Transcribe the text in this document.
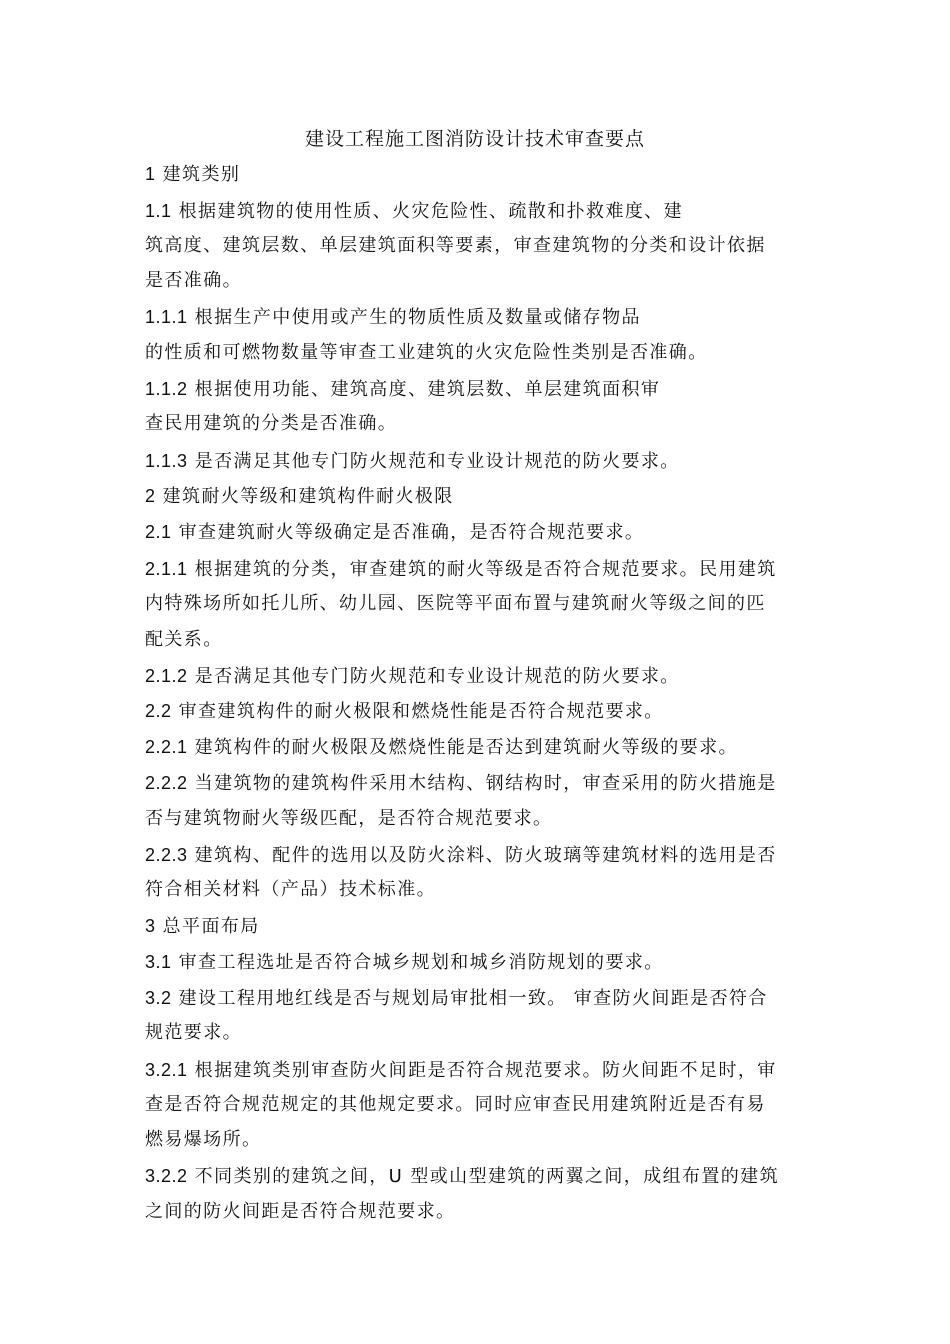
建设工程施工图消防设计技术审查要点
1 建筑类别
1.1 根据建筑物的使用性质、火灾危险性、疏散和扑救难度、建
筑高度、建筑层数、单层建筑面积等要素，审查建筑物的分类和设计依据
是否准确。
1.1.1 根据生产中使用或产生的物质性质及数量或储存物品
的性质和可燃物数量等审查工业建筑的火灾危险性类别是否准确。
1.1.2 根据使用功能、建筑高度、建筑层数、单层建筑面积审
查民用建筑的分类是否准确。
1.1.3 是否满足其他专门防火规范和专业设计规范的防火要求。
2 建筑耐火等级和建筑构件耐火极限
2.1 审查建筑耐火等级确定是否准确，是否符合规范要求。
2.1.1 根据建筑的分类，审查建筑的耐火等级是否符合规范要求。民用建筑
内特殊场所如托儿所、幼儿园、医院等平面布置与建筑耐火等级之间的匹
配关系。
2.1.2 是否满足其他专门防火规范和专业设计规范的防火要求。
2.2 审查建筑构件的耐火极限和燃烧性能是否符合规范要求。
2.2.1 建筑构件的耐火极限及燃烧性能是否达到建筑耐火等级的要求。
2.2.2 当建筑物的建筑构件采用木结构、钢结构时，审查采用的防火措施是
否与建筑物耐火等级匹配，是否符合规范要求。
2.2.3 建筑构、配件的选用以及防火涂料、防火玻璃等建筑材料的选用是否
符合相关材料（产品）技术标准。
3 总平面布局
3.1 审查工程选址是否符合城乡规划和城乡消防规划的要求。
3.2 建设工程用地红线是否与规划局审批相一致。 审查防火间距是否符合
规范要求。
3.2.1 根据建筑类别审查防火间距是否符合规范要求。防火间距不足时，审
查是否符合规范规定的其他规定要求。同时应审查民用建筑附近是否有易
燃易爆场所。
3.2.2 不同类别的建筑之间，U 型或山型建筑的两翼之间，成组布置的建筑
之间的防火间距是否符合规范要求。
